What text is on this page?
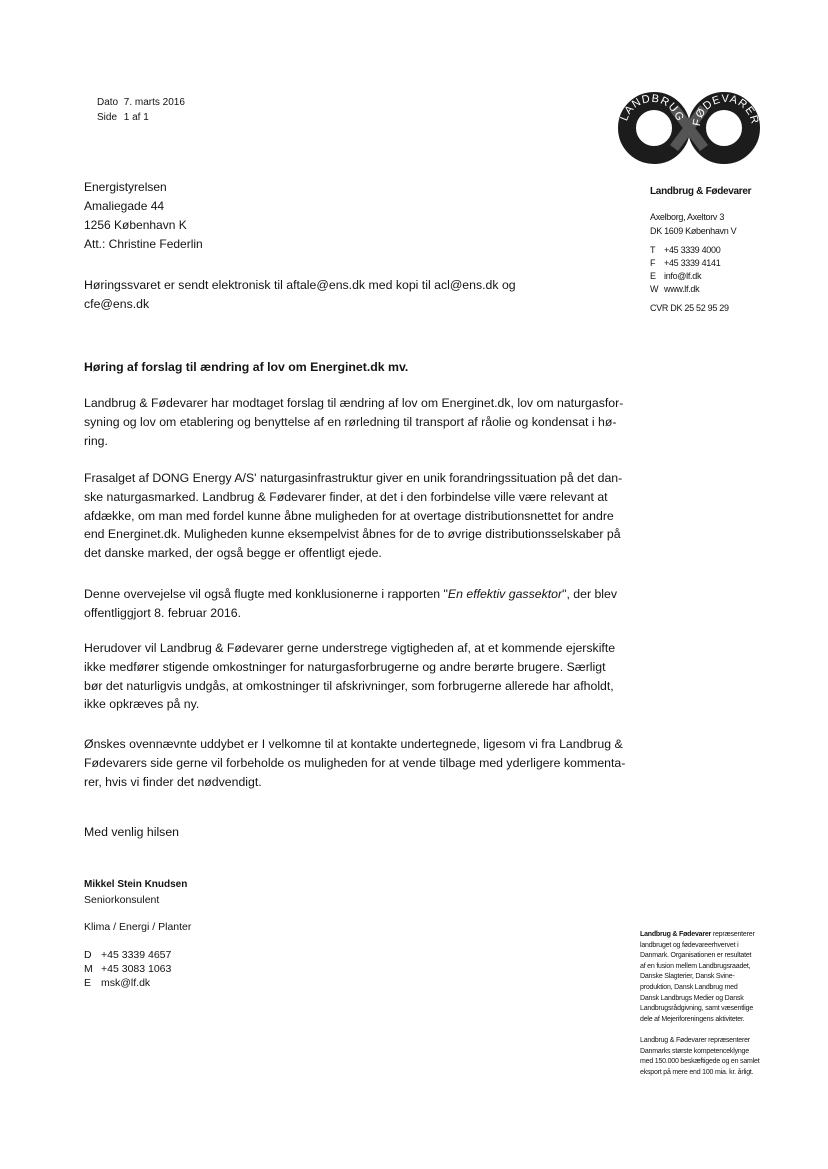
Dato 7. marts 2016
Side 1 af 1	LANDBRUG FØDEVARER
Landbrug & Fødevarer
Axelborg, Axeltorv 3
DK 1609 København V
T +45 3339 4000
F +45 3339 4141
E info@lf.dk
W www.lf.dk
CVR DK 25 52 95 29
Energistyrelsen
Amaliegade 44
1256 København K
Att.: Christine Federlin
Høringssvaret er sendt elektronisk til aftale@ens.dk med kopi til acl@ens.dk og
cfe@ens.dk
Høring af forslag til ændring af lov om Energinet.dk mv.
Landbrug & Fødevarer har modtaget forslag til ændring af lov om Energinet.dk, lov om naturgasfor-
syning og lov om etablering og benyttelse af en rørledning til transport af råolie og kondensat i hø-
ring.
Frasalget af DONG Energy A/S' naturgasinfrastruktur giver en unik forandringssituation på det dan-
ske naturgasmarked. Landbrug & Fødevarer finder, at det i den forbindelse ville være relevant at
afdække, om man med fordel kunne åbne muligheden for at overtage distributionsnettet for andre
end Energinet.dk. Muligheden kunne eksempelvist åbnes for de to øvrige distributionsselskaber på
det danske marked, der også begge er offentligt ejede.
Denne overvejelse vil også flugte med konklusionerne i rapporten "En effektiv gassektor", der blev
offentliggjort 8. februar 2016.
Herudover vil Landbrug & Fødevarer gerne understrege vigtigheden af, at et kommende ejerskifte
ikke medfører stigende omkostninger for naturgasforbrugerne og andre berørte brugere. Særligt
bør det naturligvis undgås, at omkostninger til afskrivninger, som forbrugerne allerede har afholdt,
ikke opkræves på ny.
Ønskes ovennævnte uddybet er I velkomne til at kontakte undertegnede, ligesom vi fra Landbrug &
Fødevarers side gerne vil forbeholde os muligheden for at vende tilbage med yderligere kommenta-
rer, hvis vi finder det nødvendigt.
Med venlig hilsen
Mikkel Stein Knudsen
Seniorkonsulent
Klima / Energi / Planter
D +45 3339 4657
M +45 3083 1063
E msk@lf.dk
Landbrug & Fødevarer repræsenterer
landbruget og fødevareerhvervet i
Danmark. Organisationen er resultatet
af en fusion mellem Landbrugsraadet,
Danske Slagterier, Dansk Svine-
produktion, Dansk Landbrug med
Dansk Landbrugs Medier og Dansk
Landbrugsrådgivning, samt væsentlige
dele af Mejeriforeningens aktiviteter.
Landbrug & Fødevarer repræsenterer
Danmarks største kompetenceklynge
med 150.000 beskæftigede og en samlet
eksport på mere end 100 mia. kr. årligt.
